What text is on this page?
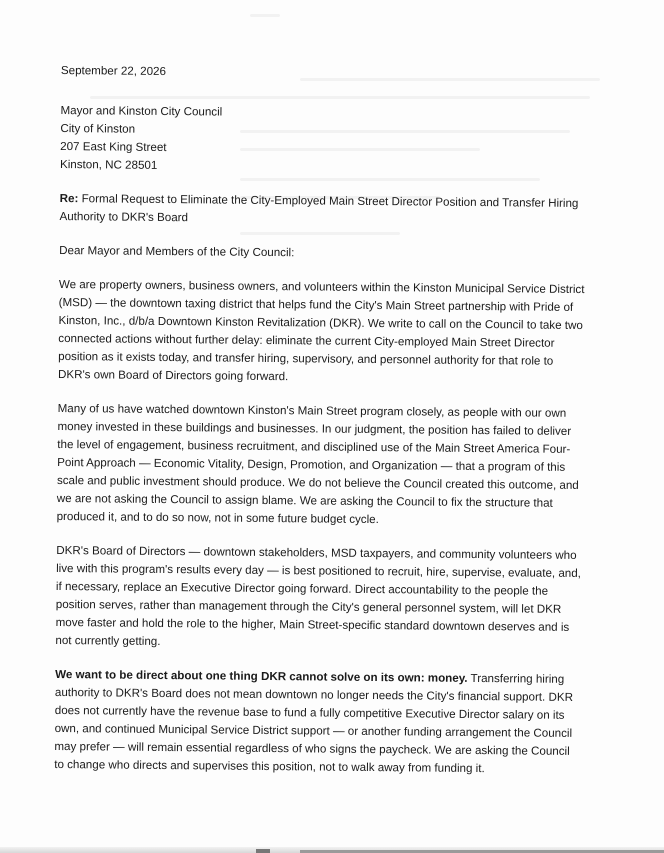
September 22, 2026
Mayor and Kinston City Council
City of Kinston
207 East King Street
Kinston, NC 28501
Re: Formal Request to Eliminate the City-Employed Main Street Director Position and Transfer Hiring Authority to DKR's Board
Dear Mayor and Members of the City Council:

We are property owners, business owners, and volunteers within the Kinston Municipal Service District (MSD) — the downtown taxing district that helps fund the City's Main Street partnership with Pride of Kinston, Inc., d/b/a Downtown Kinston Revitalization (DKR). We write to call on the Council to take two connected actions without further delay: eliminate the current City-employed Main Street Director position as it exists today, and transfer hiring, supervisory, and personnel authority for that role to DKR's own Board of Directors going forward.

Many of us have watched downtown Kinston's Main Street program closely, as people with our own money invested in these buildings and businesses. In our judgment, the position has failed to deliver the level of engagement, business recruitment, and disciplined use of the Main Street America Four-Point Approach — Economic Vitality, Design, Promotion, and Organization — that a program of this scale and public investment should produce. We do not believe the Council created this outcome, and we are not asking the Council to assign blame. We are asking the Council to fix the structure that produced it, and to do so now, not in some future budget cycle.

DKR's Board of Directors — downtown stakeholders, MSD taxpayers, and community volunteers who live with this program's results every day — is best positioned to recruit, hire, supervise, evaluate, and, if necessary, replace an Executive Director going forward. Direct accountability to the people the position serves, rather than management through the City's general personnel system, will let DKR move faster and hold the role to the higher, Main Street-specific standard downtown deserves and is not currently getting.

We want to be direct about one thing DKR cannot solve on its own: money. Transferring hiring authority to DKR's Board does not mean downtown no longer needs the City's financial support. DKR does not currently have the revenue base to fund a fully competitive Executive Director salary on its own, and continued Municipal Service District support — or another funding arrangement the Council may prefer — will remain essential regardless of who signs the paycheck. We are asking the Council to change who directs and supervises this position, not to walk away from funding it.
